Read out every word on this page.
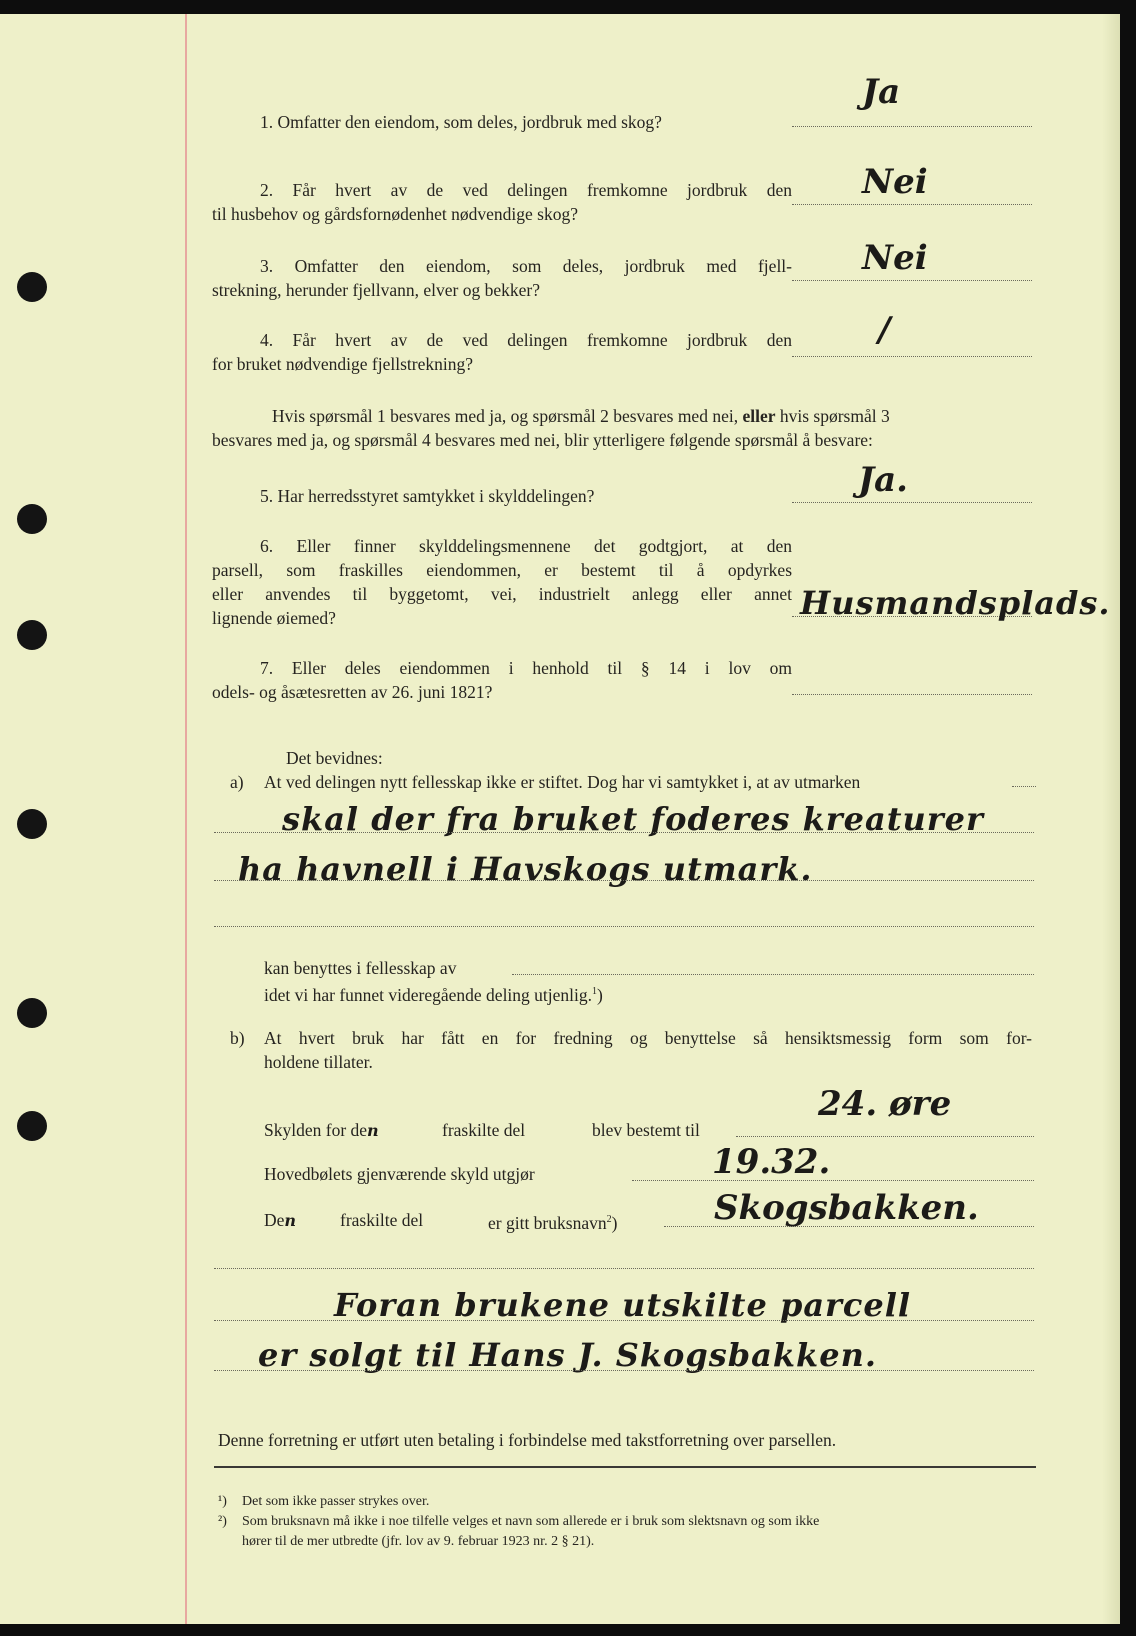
1. Omfatter den eiendom, som deles, jordbruk med skog?
Ja
2. Får hvert av de ved delingen fremkomne jordbruk den
til husbehov og gårdsfornødenhet nødvendige skog?
Nei
3. Omfatter den eiendom, som deles, jordbruk med fjell-
strekning, herunder fjellvann, elver og bekker?
Nei
4. Får hvert av de ved delingen fremkomne jordbruk den
for bruket nødvendige fjellstrekning?
/
Hvis spørsmål 1 besvares med ja, og spørsmål 2 besvares med nei, eller hvis spørsmål 3
besvares med ja, og spørsmål 4 besvares med nei, blir ytterligere følgende spørsmål å besvare:
5. Har herredsstyret samtykket i skylddelingen?	Ja.
6. Eller finner skylddelingsmennene det godtgjort, at den
parsell, som fraskilles eiendommen, er bestemt til å opdyrkes
eller anvendes til byggetomt, vei, industrielt anlegg eller annet
lignende øiemed?	Husmandsplads.
7. Eller deles eiendommen i henhold til § 14 i lov om
odels- og åsætesretten av 26. juni 1821?
Det bevidnes:
a) At ved delingen nytt fellesskap ikke er stiftet. Dog har vi samtykket i, at av utmarken
skal der fra bruket foderes kreaturer
ha havnell i Havskogs utmark.
kan benyttes i fellesskap av
idet vi har funnet videregående deling utjenlig.$^1$)
b) At hvert bruk har fått en for fredning og benyttelse så hensiktsmessig form som for-
holdene tillater.
Skylden for den	fraskilte del	blev bestemt til
24. øre
Hovedbølets gjenværende skyld utgjør	19.32.
Den	fraskilte del	er gitt bruksnavn$^2$)	Skogsbakken.
Foran brukene utskilte parcell
er solgt til Hans J. Skogsbakken.
Denne forretning er utført uten betaling i forbindelse med takstforretning over parsellen.
¹) Det som ikke passer strykes over.
²) Som bruksnavn må ikke i noe tilfelle velges et navn som allerede er i bruk som slektsnavn og som ikke
hører til de mer utbredte (jfr. lov av 9. februar 1923 nr. 2 § 21).
